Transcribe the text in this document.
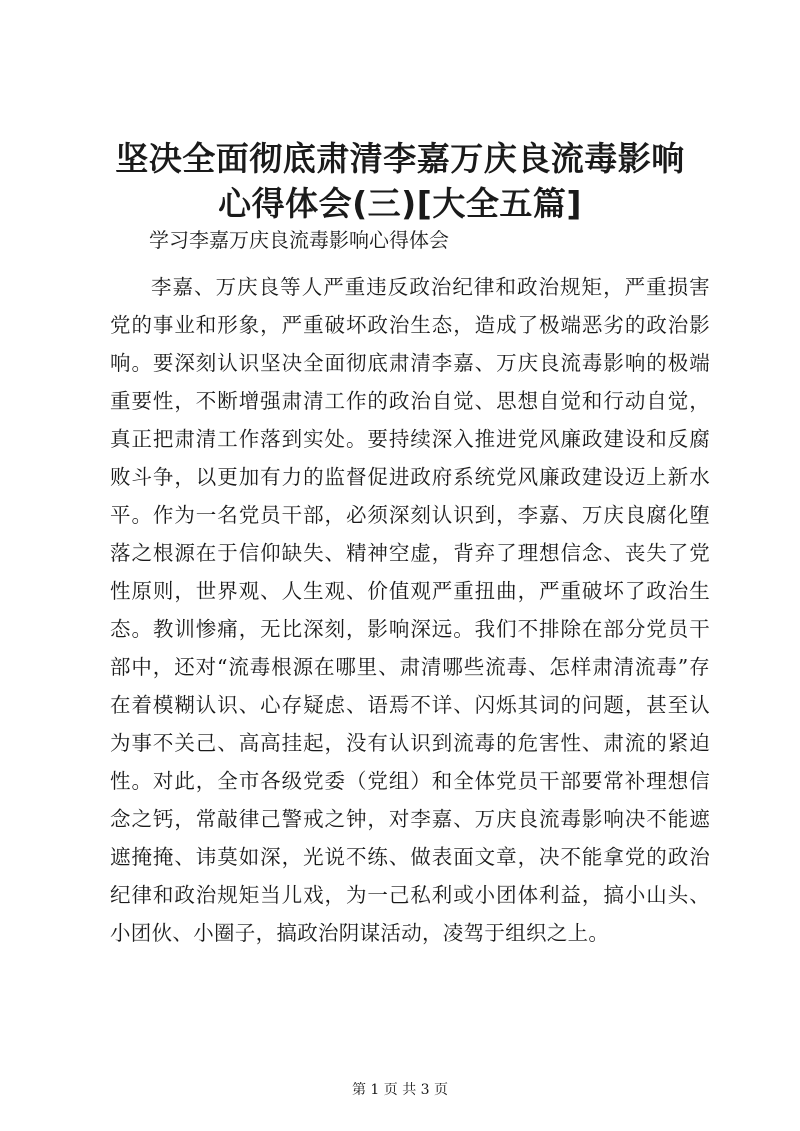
坚决全面彻底肃清李嘉万庆良流毒影响心得体会(三)[大全五篇]

学习李嘉万庆良流毒影响心得体会

李嘉、万庆良等人严重违反政治纪律和政治规矩，严重损害党的事业和形象，严重破坏政治生态，造成了极端恶劣的政治影响。要深刻认识坚决全面彻底肃清李嘉、万庆良流毒影响的极端重要性，不断增强肃清工作的政治自觉、思想自觉和行动自觉，真正把肃清工作落到实处。要持续深入推进党风廉政建设和反腐败斗争，以更加有力的监督促进政府系统党风廉政建设迈上新水平。作为一名党员干部，必须深刻认识到，李嘉、万庆良腐化堕落之根源在于信仰缺失、精神空虚，背弃了理想信念、丧失了党性原则，世界观、人生观、价值观严重扭曲，严重破坏了政治生态。教训惨痛，无比深刻，影响深远。我们不排除在部分党员干部中，还对“流毒根源在哪里、肃清哪些流毒、怎样肃清流毒”存在着模糊认识、心存疑虑、语焉不详、闪烁其词的问题，甚至认为事不关己、高高挂起，没有认识到流毒的危害性、肃流的紧迫性。对此，全市各级党委（党组）和全体党员干部要常补理想信念之钙，常敲律己警戒之钟，对李嘉、万庆良流毒影响决不能遮遮掩掩、讳莫如深，光说不练、做表面文章，决不能拿党的政治纪律和政治规矩当儿戏，为一己私利或小团体利益，搞小山头、小团伙、小圈子，搞政治阴谋活动，凌驾于组织之上。

第 1 页 共 3 页
